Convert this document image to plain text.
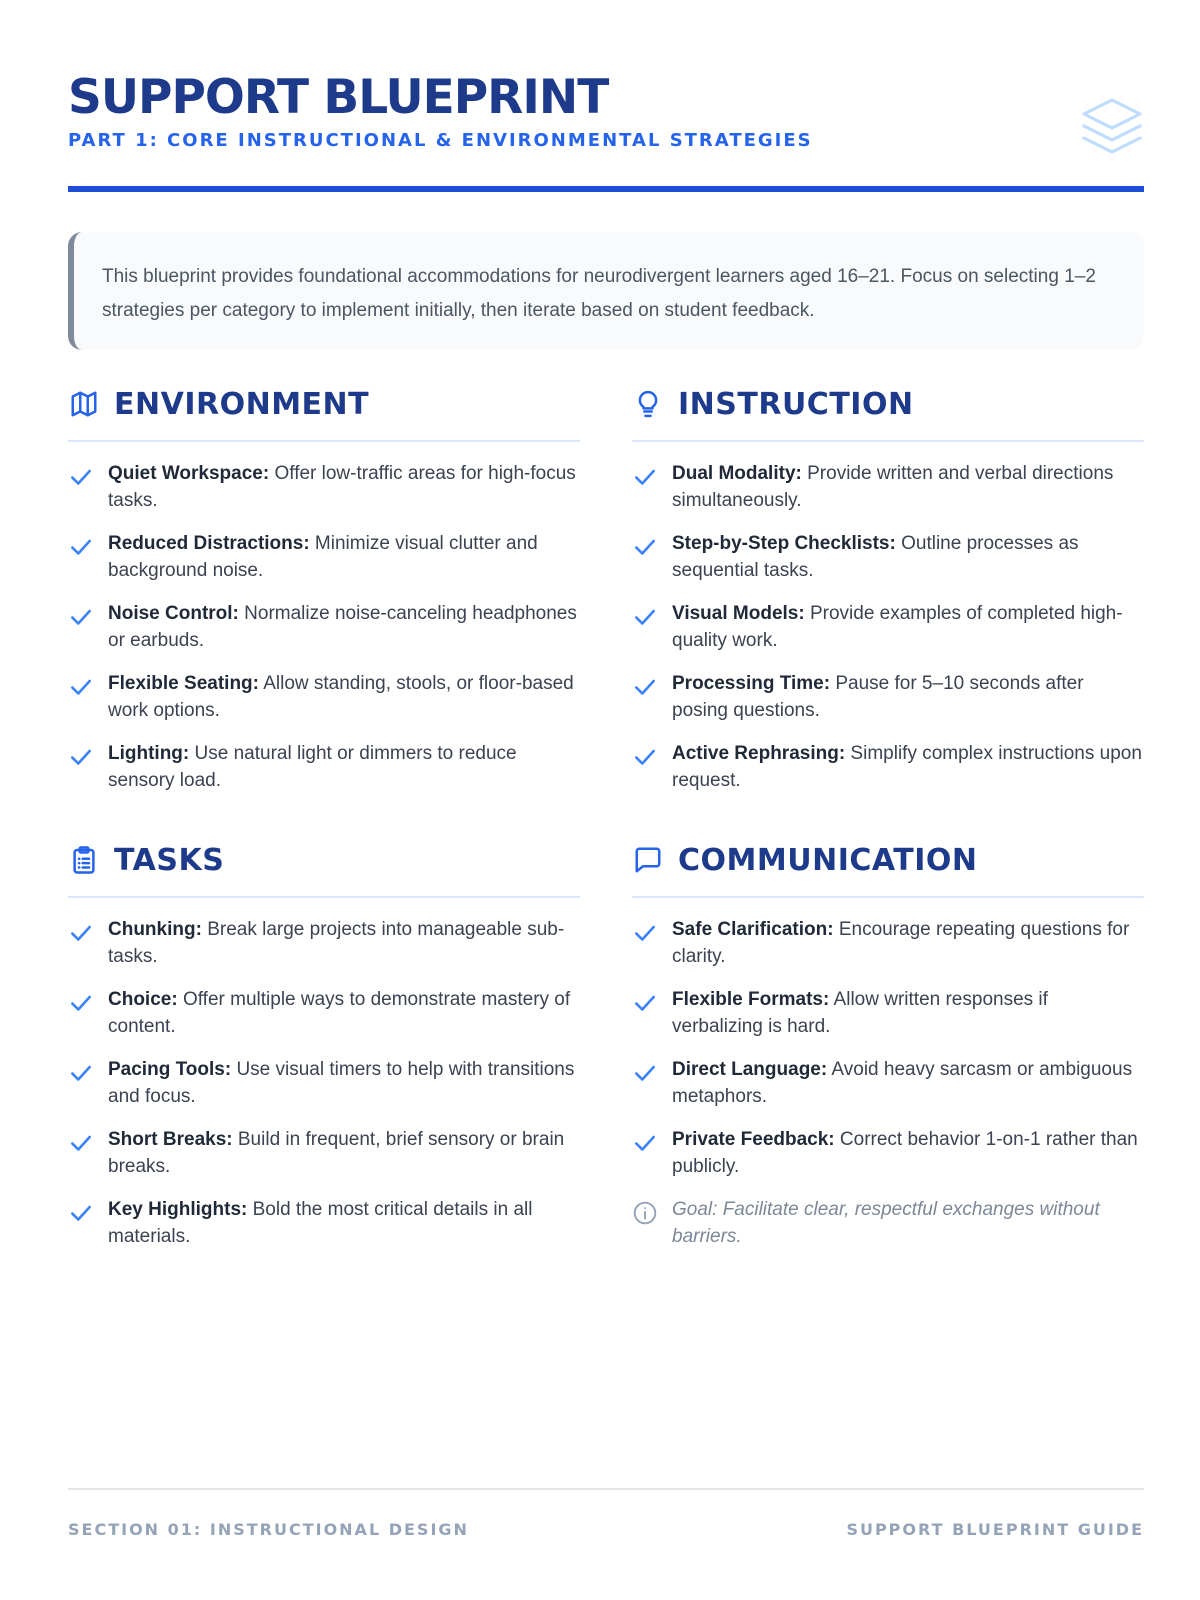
SUPPORT BLUEPRINT
PART 1: CORE INSTRUCTIONAL & ENVIRONMENTAL STRATEGIES

This blueprint provides foundational accommodations for neurodivergent learners aged 16–21. Focus on selecting 1–2 strategies per category to implement initially, then iterate based on student feedback.

ENVIRONMENT

Quiet Workspace: Offer low-traffic areas for high-focus tasks.

Reduced Distractions: Minimize visual clutter and background noise.

Noise Control: Normalize noise-canceling headphones or earbuds.

Flexible Seating: Allow standing, stools, or floor-based work options.

Lighting: Use natural light or dimmers to reduce sensory load.

INSTRUCTION

Dual Modality: Provide written and verbal directions simultaneously.

Step-by-Step Checklists: Outline processes as sequential tasks.

Visual Models: Provide examples of completed high-quality work.

Processing Time: Pause for 5–10 seconds after posing questions.

Active Rephrasing: Simplify complex instructions upon request.

TASKS

Chunking: Break large projects into manageable sub-tasks.

Choice: Offer multiple ways to demonstrate mastery of content.

Pacing Tools: Use visual timers to help with transitions and focus.

Short Breaks: Build in frequent, brief sensory or brain breaks.

Key Highlights: Bold the most critical details in all materials.

COMMUNICATION

Safe Clarification: Encourage repeating questions for clarity.

Flexible Formats: Allow written responses if verbalizing is hard.

Direct Language: Avoid heavy sarcasm or ambiguous metaphors.

Private Feedback: Correct behavior 1-on-1 rather than publicly.

Goal: Facilitate clear, respectful exchanges without barriers.

SECTION 01: INSTRUCTIONAL DESIGN	SUPPORT BLUEPRINT GUIDE
